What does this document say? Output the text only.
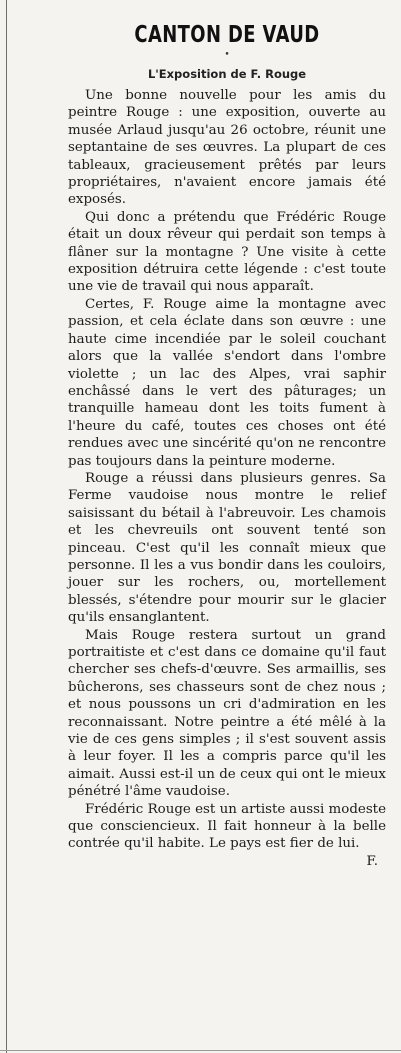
CANTON DE VAUD
•
L'Exposition de F. Rouge

Une bonne nouvelle pour les amis du peintre Rouge : une exposition, ouverte au musée Arlaud jusqu'au 26 octobre, réunit une septantaine de ses œuvres. La plupart de ces tableaux, gracieusement prêtés par leurs propriétaires, n'avaient encore jamais été exposés.

Qui donc a prétendu que Frédéric Rouge était un doux rêveur qui perdait son temps à flâner sur la montagne ? Une visite à cette exposition détruira cette légende : c'est toute une vie de travail qui nous apparaît.

Certes, F. Rouge aime la montagne avec passion, et cela éclate dans son œuvre : une haute cime incendiée par le soleil couchant alors que la vallée s'endort dans l'ombre violette ; un lac des Alpes, vrai saphir enchâssé dans le vert des pâturages; un tranquille hameau dont les toits fument à l'heure du café, toutes ces choses ont été rendues avec une sincérité qu'on ne rencontre pas toujours dans la peinture moderne.

Rouge a réussi dans plusieurs genres. Sa Ferme vaudoise nous montre le relief saisissant du bétail à l'abreuvoir. Les chamois et les chevreuils ont souvent tenté son pinceau. C'est qu'il les connaît mieux que personne. Il les a vus bondir dans les couloirs, jouer sur les rochers, ou, mortellement blessés, s'étendre pour mourir sur le glacier qu'ils ensanglantent.

Mais Rouge restera surtout un grand portraitiste et c'est dans ce domaine qu'il faut chercher ses chefs-d'œuvre. Ses armaillis, ses bûcherons, ses chasseurs sont de chez nous ; et nous poussons un cri d'admiration en les reconnaissant. Notre peintre a été mêlé à la vie de ces gens simples ; il s'est souvent assis à leur foyer. Il les a compris parce qu'il les aimait. Aussi est-il un de ceux qui ont le mieux pénétré l'âme vaudoise.

Frédéric Rouge est un artiste aussi modeste que consciencieux. Il fait honneur à la belle contrée qu'il habite. Le pays est fier de lui.
F.
